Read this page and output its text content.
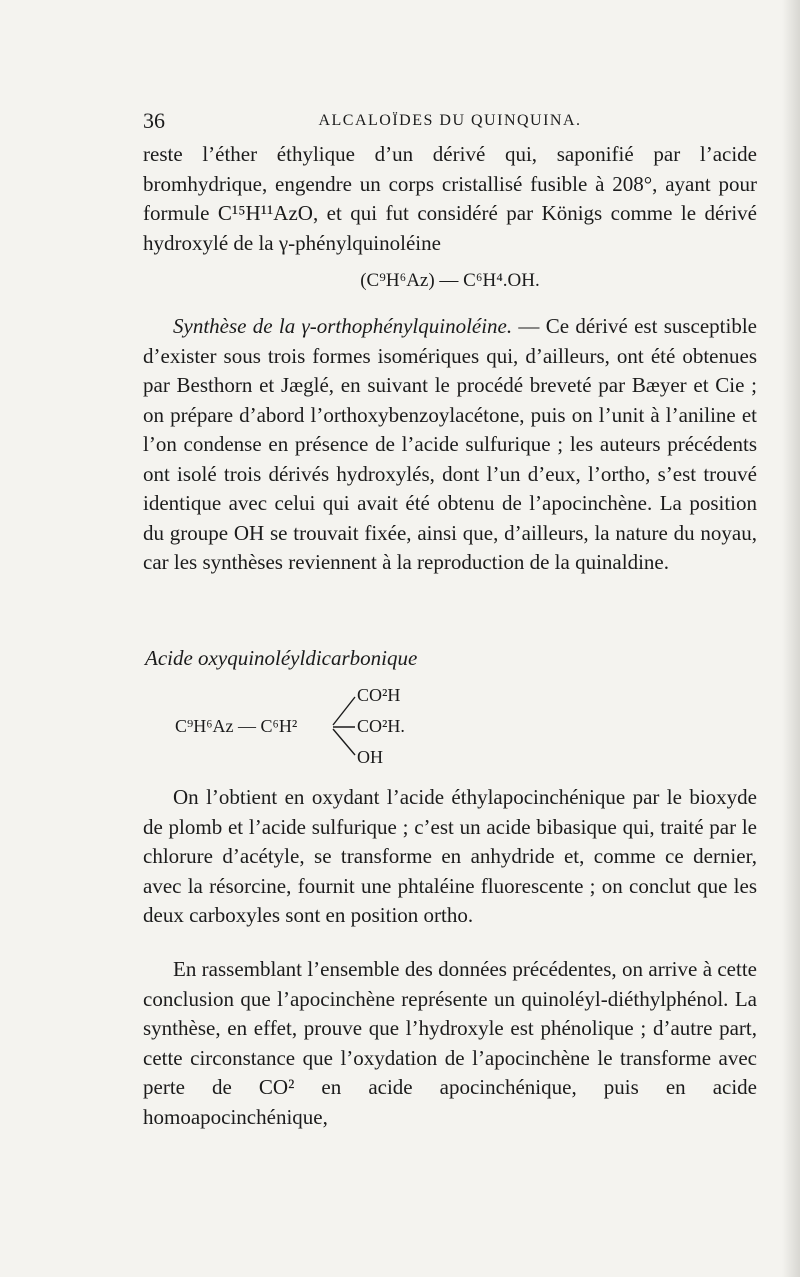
36	ALCALOÏDES DU QUINQUINA.

reste l’éther éthylique d’un dérivé qui, saponifié par l’acide bromhydrique, engendre un corps cristallisé fusible à 208°, ayant pour formule C¹⁵H¹¹AzO, et qui fut considéré par Königs comme le dérivé hydroxylé de la γ-phénylquinoléine

(C⁹H⁶Az) — C⁶H⁴.OH.

Synthèse de la γ-orthophénylquinoléine. — Ce dérivé est susceptible d’exister sous trois formes isomériques qui, d’ailleurs, ont été obtenues par Besthorn et Jæglé, en suivant le procédé breveté par Bæyer et Cie ; on prépare d’abord l’orthoxybenzoylacétone, puis on l’unit à l’aniline et l’on condense en présence de l’acide sulfurique ; les auteurs précédents ont isolé trois dérivés hydroxylés, dont l’un d’eux, l’ortho, s’est trouvé identique avec celui qui avait été obtenu de l’apocinchène. La position du groupe OH se trouvait fixée, ainsi que, d’ailleurs, la nature du noyau, car les synthèses reviennent à la reproduction de la quinaldine.

Acide oxyquinoléyldicarbonique
C⁹H⁶Az — C⁶H²
CO²H
CO²H.
OH

On l’obtient en oxydant l’acide éthylapocinchénique par le bioxyde de plomb et l’acide sulfurique ; c’est un acide bibasique qui, traité par le chlorure d’acétyle, se transforme en anhydride et, comme ce dernier, avec la résorcine, fournit une phtaléine fluorescente ; on conclut que les deux carboxyles sont en position ortho.

En rassemblant l’ensemble des données précédentes, on arrive à cette conclusion que l’apocinchène représente un quinoléyl-diéthylphénol. La synthèse, en effet, prouve que l’hydroxyle est phénolique ; d’autre part, cette circonstance que l’oxydation de l’apocinchène le transforme avec perte de CO² en acide apocinchénique, puis en acide homoapocinchénique,
